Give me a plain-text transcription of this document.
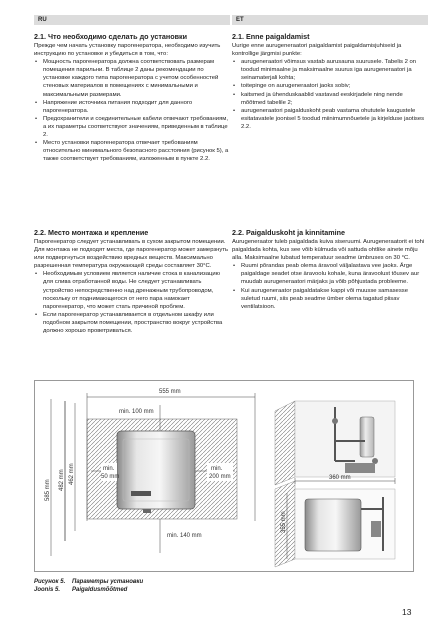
RU	ET
2.1. Что необходимо сделать до установки

Прежде чем начать установку парогенератора, необходимо изучить инструкцию по установке и убедиться в том, что:

• Мощность парогенератора должна соответствовать размерам помещения парильни. В таблице 2 даны рекомендации по установке каждого типа парогенератора с учетом особенностей стеновых материалов в помещениях с минимальными и максимальными размерами.
• Напряжение источника питания подходит для данного парогенератора.
• Предохранители и соединительные кабели отвечают требованиям, а их параметры соответствуют значениям, приведенным в таблице 2.
• Место установки парогенератора отвечает требованиям относительно минимального безопасного расстояния (рисунок 5), а также соответствует требованиям, изложенным в пункте 2.2.
2.2. Место монтажа и крепление

Парогенератор следует устанавливать в сухом закрытом помещении. Для монтажа не подходят места, где парогенератор может замерзнуть или подвергнуться воздействию вредных веществ. Максимально разрешенная температура окружающей среды составляет 30°C.

• Необходимым условием является наличие стока в канализацию для слива отработанной воды. Не следует устанавливать устройство непосредственно над дренажным трубопроводом, поскольку от поднимающегося от него пара намокает парогенератор, что может стать причиной проблем.
• Если парогенератор устанавливается в отдельном шкафу или подобном закрытом помещении, пространство вокруг устройства должно хорошо проветриваться.
2.1. Enne paigaldamist

Uurige enne aurugeneraatori paigaldamist paigaldamisjuhiseid ja kontrollige järgmisi punkte:

• aurugeneraatori võimsus vastab aurusauna suurusele. Tabelis 2 on toodud minimaalne ja maksimaalne suurus iga aurugeneraatori ja seinamaterjali kohta;
• toitepinge on aurugeneraatori jaoks sobiv;
• kaitsmed ja ühenduskaablid vastavad eeskirjadele ning nende mõõtmed tabelile 2;
• aurugeneraatori paigalduskoht peab vastama ohututele kaugustele esitatavatele joonisel 5 toodud miinimumnõuetele ja kirjelduse jaotises 2.2.
2.2. Paigalduskoht ja kinnitamine

Aurugeneraator tuleb paigaldada kuiva siseruumi. Aurugeneraatorit ei tohi paigaldada kohta, kus see võib külmuda või sattuda ohtlike ainete mõju alla. Maksimaalne lubatud temperatuur seadme ümbruses on 30 °C.

• Ruumi põrandas peab olema äravool väljalastava vee jaoks. Ärge paigaldage seadet otse äravoolu kohale, kuna äravoolust tõusev aur muudab aurugeneraatori märjaks ja võib põhjustada probleeme.
• Kui aurugeneraator paigaldatakse kappi või muusse samasesse suletud ruumi, siis peab seadme ümber olema tagatud piisav ventilatsioon.
555 mm
min. 100 mm
min.
50 mm
min.
200 mm
min. 140 mm
585 mm 482 mm 462 mm	360 mm
355 mm
Рисунок 5. Параметры установки
Joonis 5. Paigaldusmõõtmed
13
